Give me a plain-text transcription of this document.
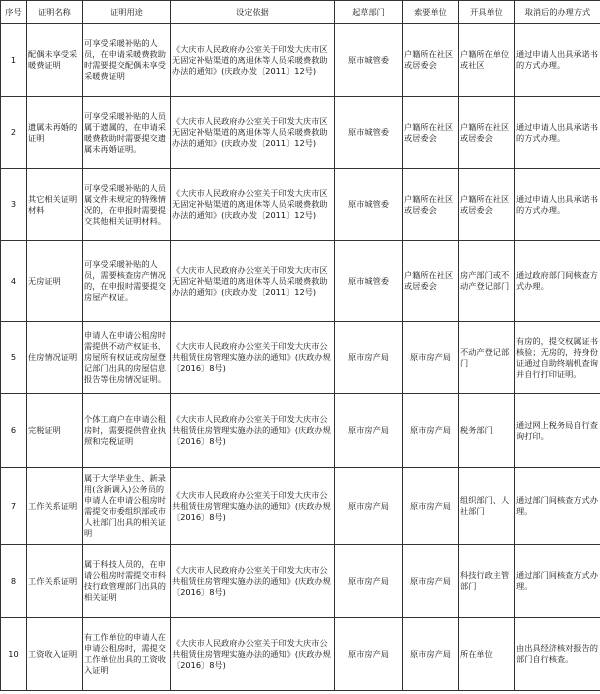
序号	证明名称	证明用途	设定依据	起草部门	索要单位	开具单位	取消后的办理方式
1	配偶未享受采暖费证明	可享受采暖补贴的人员，在申请采暖费救助时需要提交配偶未享受采暖费证明	《大庆市人民政府办公室关于印发大庆市区无固定补贴渠道的离退休等人员采暖费救助办法的通知》(庆政办发〔2011〕12号)	原市城管委	户籍所在社区或居委会	户籍所在单位或社区	通过申请人出具承诺书的方式办理。
2	遗属未再婚的证明	可享受采暖补贴的人员属于遗属的，在申请采暖费救助时需要提交遗属未再婚证明。	《大庆市人民政府办公室关于印发大庆市区无固定补贴渠道的离退休等人员采暖费救助办法的通知》(庆政办发〔2011〕12号)	原市城管委	户籍所在社区或居委会	户籍所在社区或居委会	通过申请人出具承诺书的方式办理。
3	其它相关证明材料	可享受采暖补贴的人员属文件未规定的特殊情况的，在申报时需要提交其他相关证明材料。	《大庆市人民政府办公室关于印发大庆市区无固定补贴渠道的离退休等人员采暖费救助办法的通知》(庆政办发〔2011〕12号)	原市城管委	户籍所在社区或居委会	户籍所在社区或居委会	通过申请人出具承诺书的方式办理。
4	无房证明	可享受采暖补贴的人员，需要核查房产情况的，在申报时需要提交房屋产权证。	《大庆市人民政府办公室关于印发大庆市区无固定补贴渠道的离退休等人员采暖费救助办法的通知》(庆政办发〔2011〕12号)	原市城管委	户籍所在社区或居委会	房产部门或不动产登记部门	通过政府部门间核查方式办理。
5	住房情况证明	申请人在申请公租房时需提供不动产权证书、房屋所有权证或房屋登记部门出具的房屋信息报告等住房情况证明。	《大庆市人民政府办公室关于印发大庆市公共租赁住房管理实施办法的通知》(庆政办规〔2016〕8号)	原市房产局	原市房产局	不动产登记部门	有房的，提交权属证书核验；无房的，持身份证通过自助终端机查询并自行打印证明。
6	完税证明	个体工商户在申请公租房时，需要提供营业执照和完税证明	《大庆市人民政府办公室关于印发大庆市公共租赁住房管理实施办法的通知》(庆政办规〔2016〕8号)	原市房产局	原市房产局	税务部门	通过网上税务局自行查询打印。
7	工作关系证明	属于大学毕业生、新录用(含新调入)公务员的申请人在申请公租房时需提交市委组织部或市人社部门出具的相关证明	《大庆市人民政府办公室关于印发大庆市公共租赁住房管理实施办法的通知》(庆政办规〔2016〕8号)	原市房产局	原市房产局	组织部门、人社部门	通过部门间核查方式办理。
8	工作关系证明	属于科技人员的，在申请公租房时需提交市科技行政管理部门出具的相关证明	《大庆市人民政府办公室关于印发大庆市公共租赁住房管理实施办法的通知》(庆政办规〔2016〕8号)	原市房产局	原市房产局	科技行政主管部门	通过部门间核查方式办理。
10	工资收入证明	有工作单位的申请人在申请公租房时，需提交工作单位出具的工资收入证明	《大庆市人民政府办公室关于印发大庆市公共租赁住房管理实施办法的通知》(庆政办规〔2016〕8号)	原市房产局	原市房产局	所在单位	由出具经济核对报告的部门自行核查。
